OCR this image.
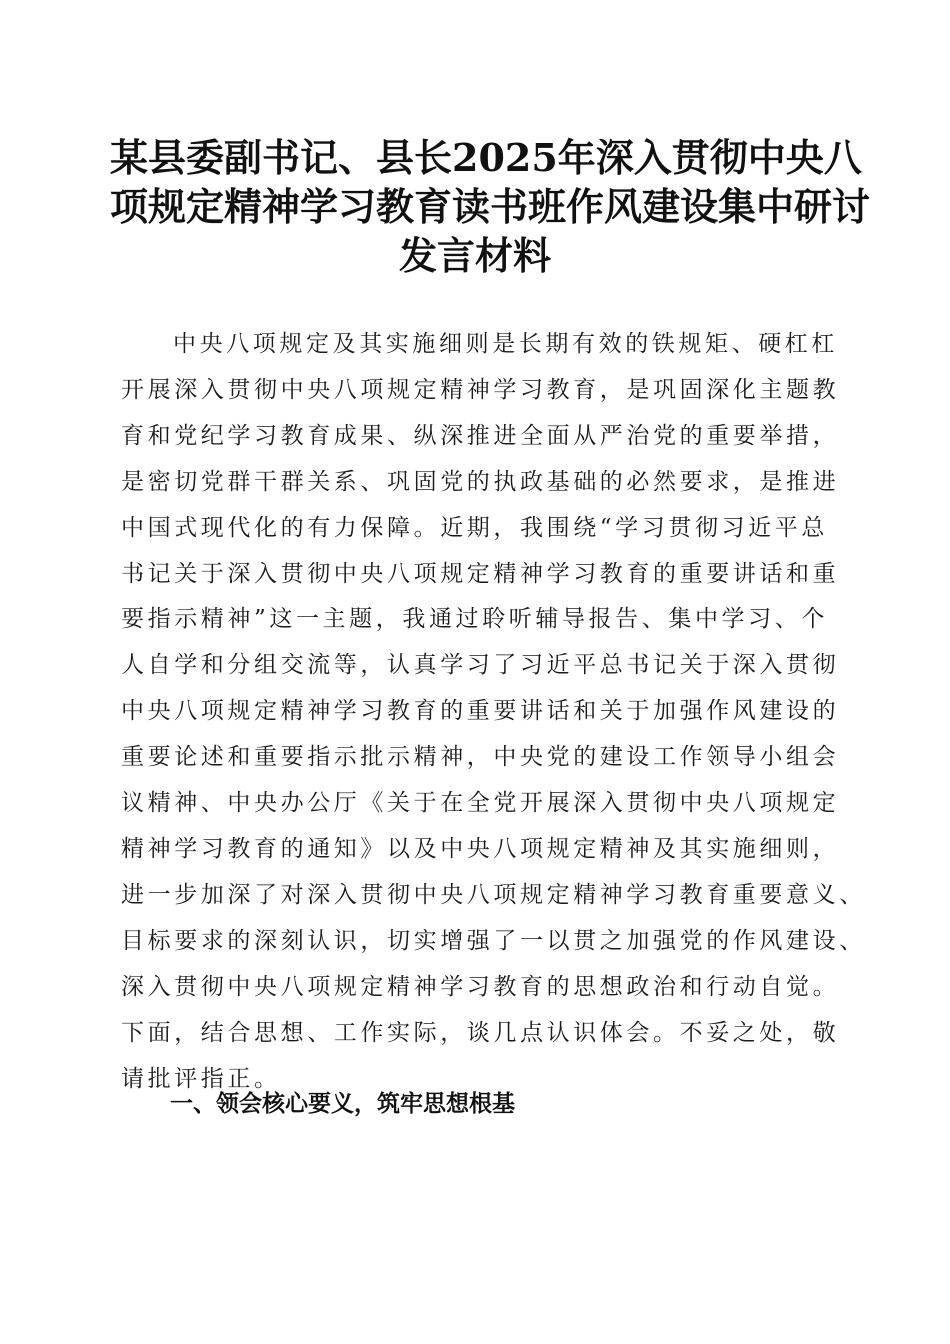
某县委副书记、县长2025年深入贯彻中央八
项规定精神学习教育读书班作风建设集中研讨
发言材料
中央八项规定及其实施细则是长期有效的铁规矩、硬杠杠
开展深入贯彻中央八项规定精神学习教育，是巩固深化主题教
育和党纪学习教育成果、纵深推进全面从严治党的重要举措，
是密切党群干群关系、巩固党的执政基础的必然要求，是推进
中国式现代化的有力保障。近期，我围绕“学习贯彻习近平总
书记关于深入贯彻中央八项规定精神学习教育的重要讲话和重
要指示精神”这一主题，我通过聆听辅导报告、集中学习、个
人自学和分组交流等，认真学习了习近平总书记关于深入贯彻
中央八项规定精神学习教育的重要讲话和关于加强作风建设的
重要论述和重要指示批示精神，中央党的建设工作领导小组会
议精神、中央办公厅《关于在全党开展深入贯彻中央八项规定
精神学习教育的通知》以及中央八项规定精神及其实施细则，
进一步加深了对深入贯彻中央八项规定精神学习教育重要意义、
目标要求的深刻认识，切实增强了一以贯之加强党的作风建设、
深入贯彻中央八项规定精神学习教育的思想政治和行动自觉。
下面，结合思想、工作实际，谈几点认识体会。不妥之处，敬
请批评指正。
一、领会核心要义，筑牢思想根基
